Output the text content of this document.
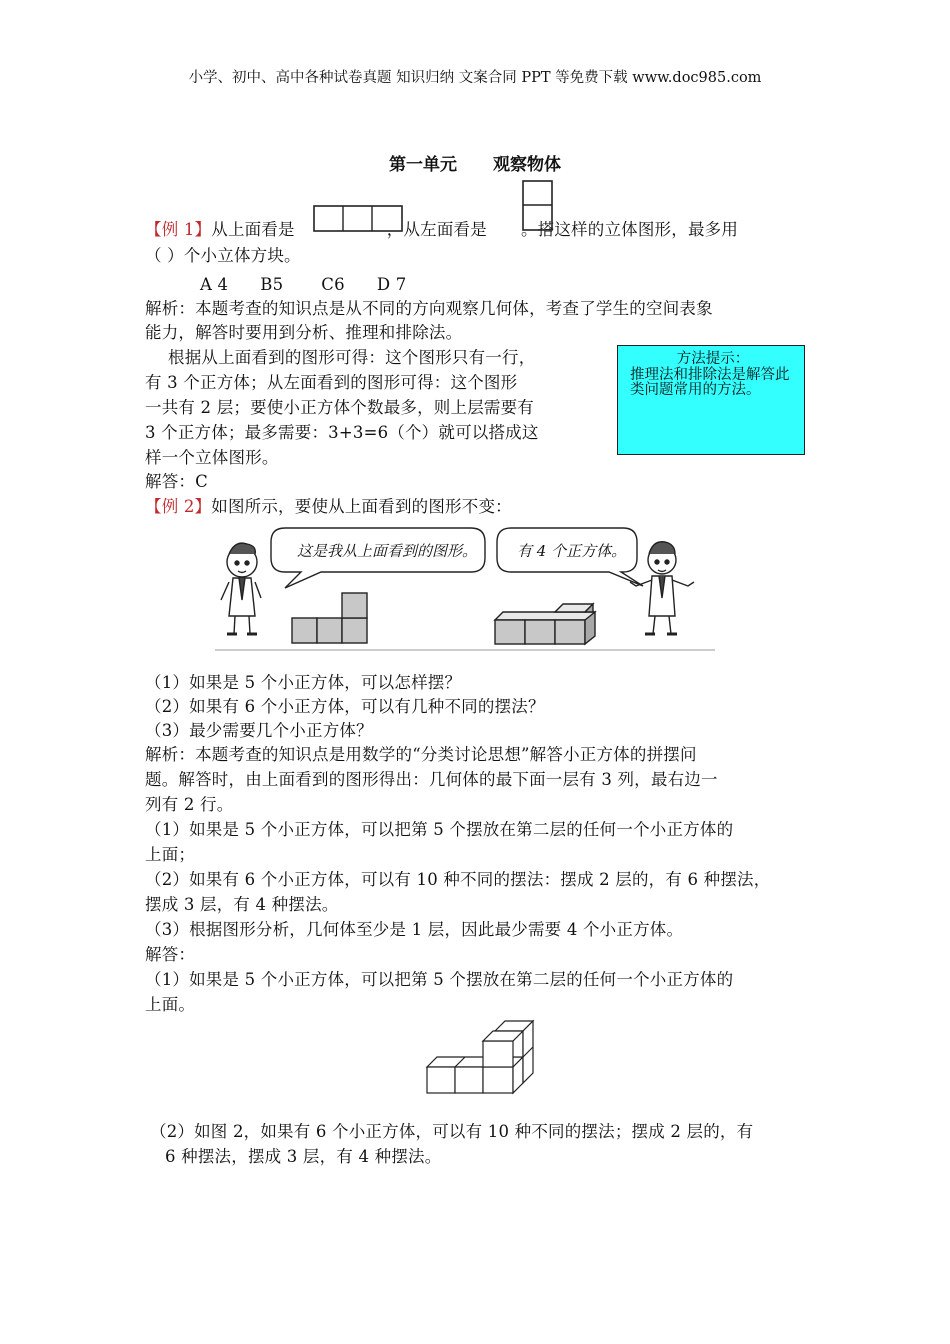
小学、初中、高中各种试卷真题 知识归纳 文案合同 PPT 等免费下载 www.doc985.com
第一单元 观察物体
【例 1】从上面看是	，从左面看是 。搭这样的立体图形，最多用
（ ）个小立体方块。
A 4 B5 C6 D 7
解析：本题考查的知识点是从不同的方向观察几何体，考查了学生的空间表象
能力，解答时要用到分析、推理和排除法。
根据从上面看到的图形可得：这个图形只有一行，
有 3 个正方体；从左面看到的图形可得：这个图形
一共有 2 层；要使小正方体个数最多，则上层需要有
3 个正方体；最多需要：3+3=6（个）就可以搭成这
样一个立体图形。
解答：C
方法提示：
推理法和排除法是解答此类问题常用的方法。
【例 2】如图所示，要使从上面看到的图形不变：
这是我从上面看到的图形。	有 4 个正方体。
（1）如果是 5 个小正方体，可以怎样摆？
（2）如果有 6 个小正方体，可以有几种不同的摆法？
（3）最少需要几个小正方体？
解析：本题考查的知识点是用数学的“分类讨论思想”解答小正方体的拼摆问
题。解答时，由上面看到的图形得出：几何体的最下面一层有 3 列，最右边一
列有 2 行。
（1）如果是 5 个小正方体，可以把第 5 个摆放在第二层的任何一个小正方体的
上面；
（2）如果有 6 个小正方体，可以有 10 种不同的摆法：摆成 2 层的，有 6 种摆法，
摆成 3 层，有 4 种摆法。
（3）根据图形分析，几何体至少是 1 层，因此最少需要 4 个小正方体。
解答：
（1）如果是 5 个小正方体，可以把第 5 个摆放在第二层的任何一个小正方体的
上面。
（2）如图 2，如果有 6 个小正方体，可以有 10 种不同的摆法；摆成 2 层的，有
6 种摆法，摆成 3 层，有 4 种摆法。
